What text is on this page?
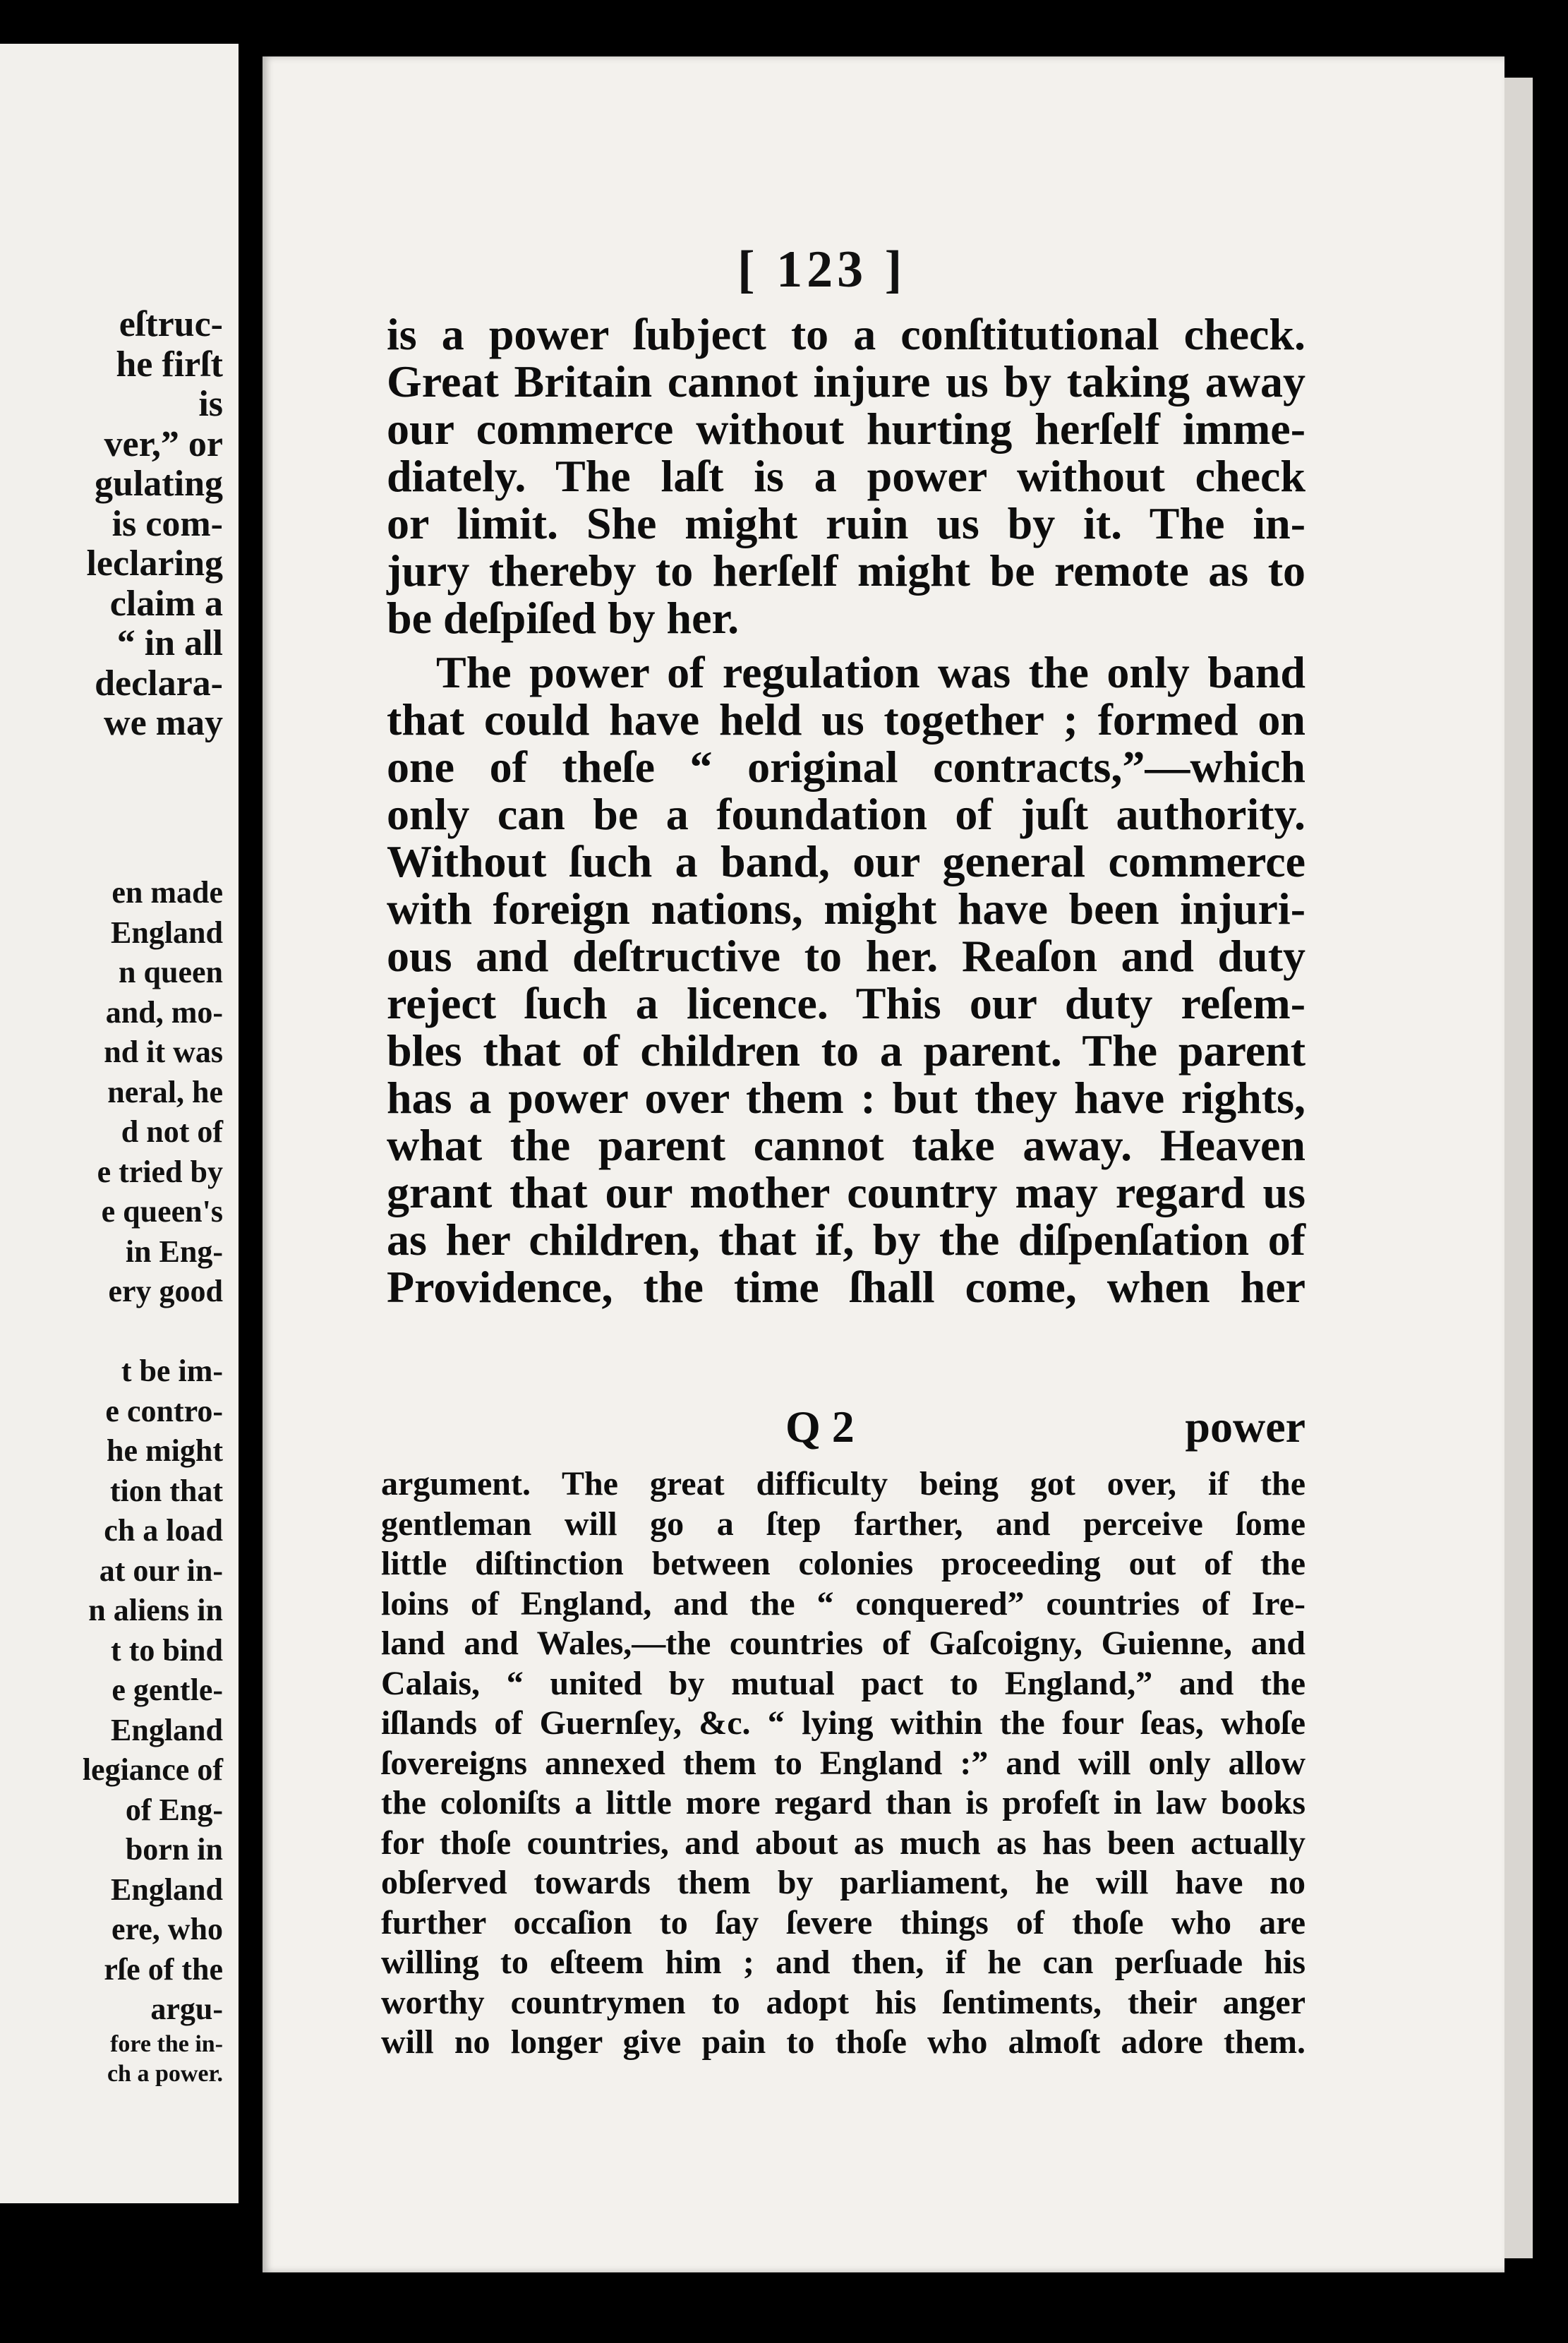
eſtruc-
he firſt
is
ver,” or
gulating
is com-
leclaring
claim a
“ in all
declara-
we may
en made
England
n queen
and, mo-
nd it was
neral, he
d not of
e tried by
e queen's
in Eng-
ery good
t be im-
e contro-
he might
tion that
ch a load
at our in-
n aliens in
t to bind
e gentle-
England
legiance of
of Eng-
born in
England
ere, who
rſe of the
argu-
fore the in-
ch a power.
[ 123 ]
is a power ſubject to a conſtitutional check.
Great Britain cannot injure us by taking away
our commerce without hurting herſelf imme-
diately. The laſt is a power without check
or limit. She might ruin us by it. The in-
jury thereby to herſelf might be remote as to
be deſpiſed by her.
The power of regulation was the only band
that could have held us together ; formed on
one of theſe “ original contracts,”—which
only can be a foundation of juſt authority.
Without ſuch a band, our general commerce
with foreign nations, might have been injuri-
ous and deſtructive to her. Reaſon and duty
reject ſuch a licence. This our duty reſem-
bles that of children to a parent. The parent
has a power over them : but they have rights,
what the parent cannot take away. Heaven
grant that our mother country may regard us
as her children, that if, by the diſpenſation of
Providence, the time ſhall come, when her
Q 2	power
argument. The great difficulty being got over, if the
gentleman will go a ſtep farther, and perceive ſome
little diſtinction between colonies proceeding out of the
loins of England, and the “ conquered” countries of Ire-
land and Wales,—the countries of Gaſcoigny, Guienne, and
Calais, “ united by mutual pact to England,” and the
iſlands of Guernſey, &c. “ lying within the four ſeas, whoſe
ſovereigns annexed them to England :” and will only allow
the coloniſts a little more regard than is profeſt in law books
for thoſe countries, and about as much as has been actually
obſerved towards them by parliament, he will have no
further occaſion to ſay ſevere things of thoſe who are
willing to eſteem him ; and then, if he can perſuade his
worthy countrymen to adopt his ſentiments, their anger
will no longer give pain to thoſe who almoſt adore them.
